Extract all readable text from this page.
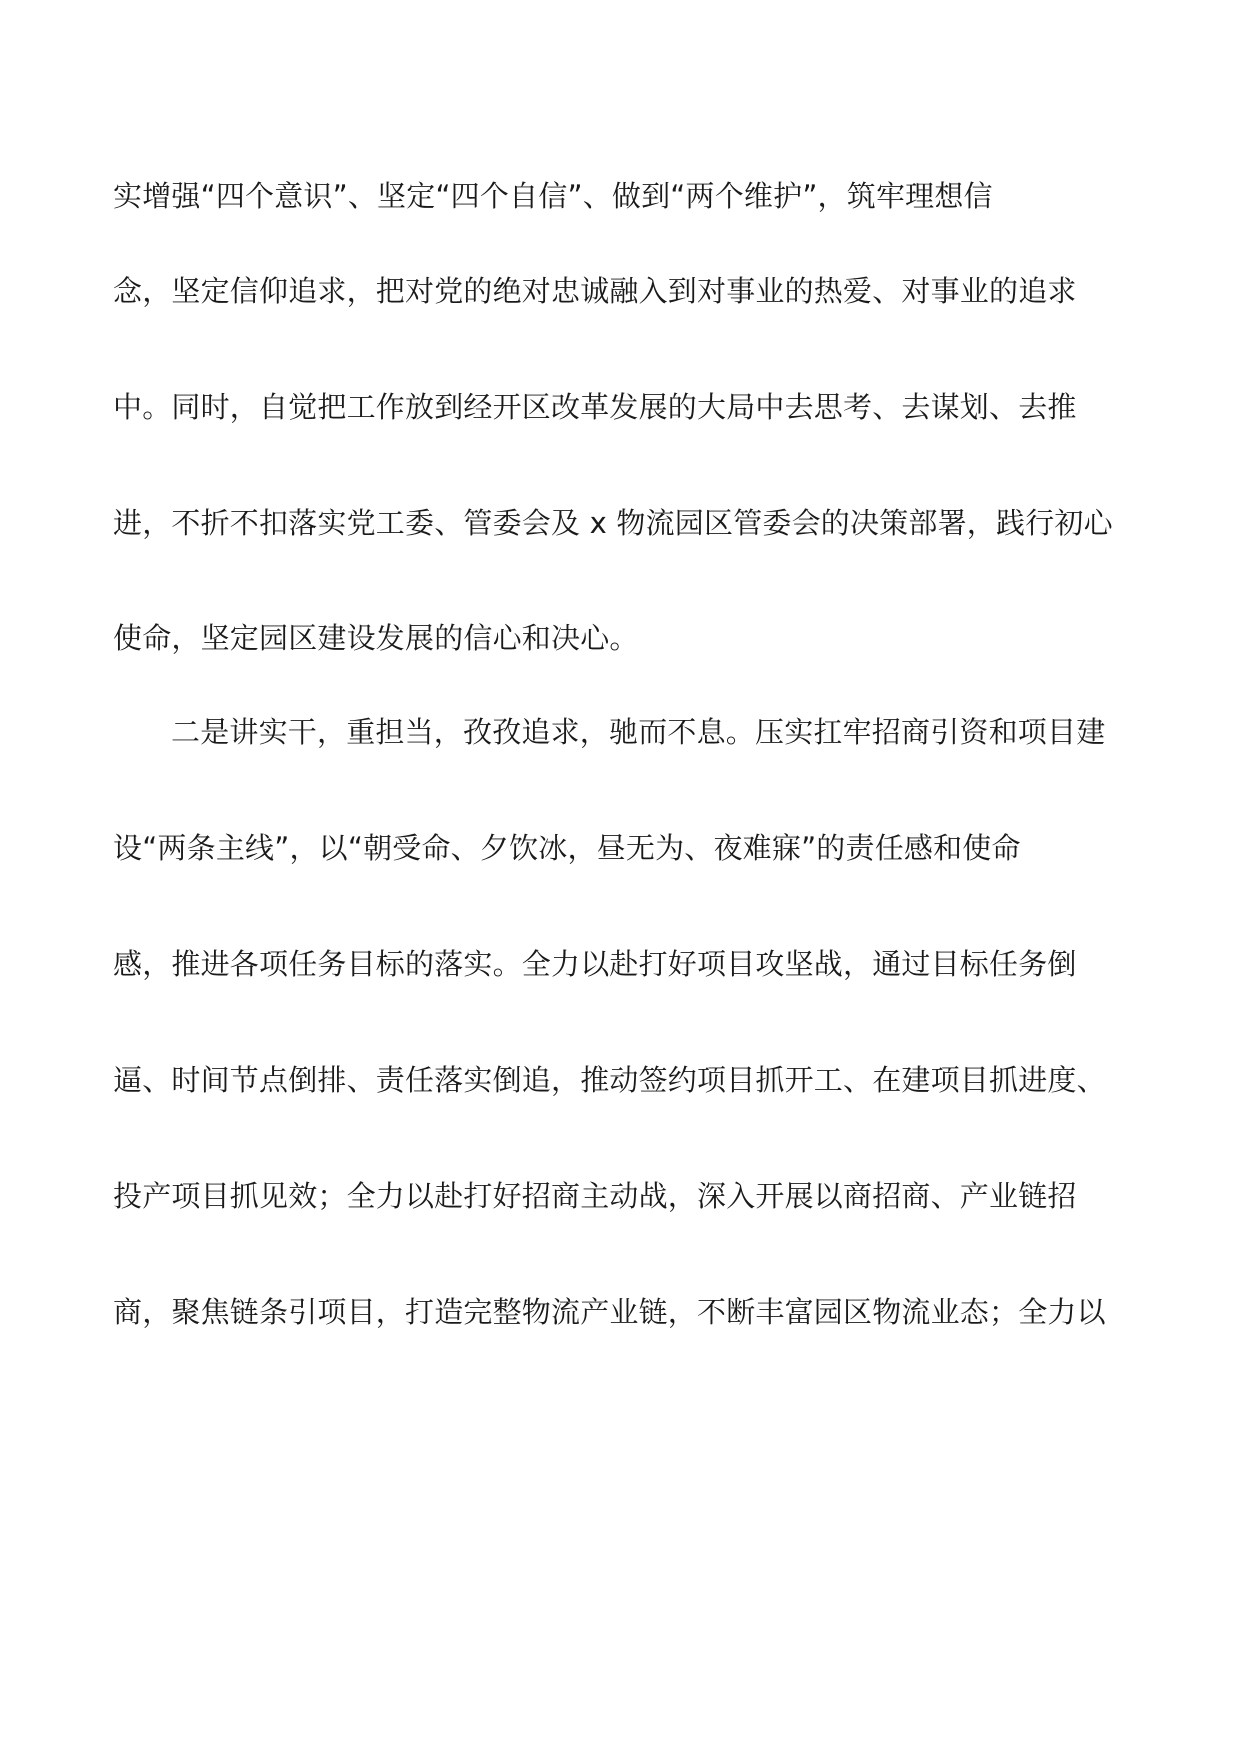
实增强“四个意识”、坚定“四个自信”、做到“两个维护”，筑牢理想信
念，坚定信仰追求，把对党的绝对忠诚融入到对事业的热爱、对事业的追求
中。同时，自觉把工作放到经开区改革发展的大局中去思考、去谋划、去推
进，不折不扣落实党工委、管委会及 x 物流园区管委会的决策部署，践行初心
使命，坚定园区建设发展的信心和决心。
二是讲实干，重担当，孜孜追求，驰而不息。压实扛牢招商引资和项目建
设“两条主线”，以“朝受命、夕饮冰，昼无为、夜难寐”的责任感和使命
感，推进各项任务目标的落实。全力以赴打好项目攻坚战，通过目标任务倒
逼、时间节点倒排、责任落实倒追，推动签约项目抓开工、在建项目抓进度、
投产项目抓见效；全力以赴打好招商主动战，深入开展以商招商、产业链招
商，聚焦链条引项目，打造完整物流产业链，不断丰富园区物流业态；全力以
